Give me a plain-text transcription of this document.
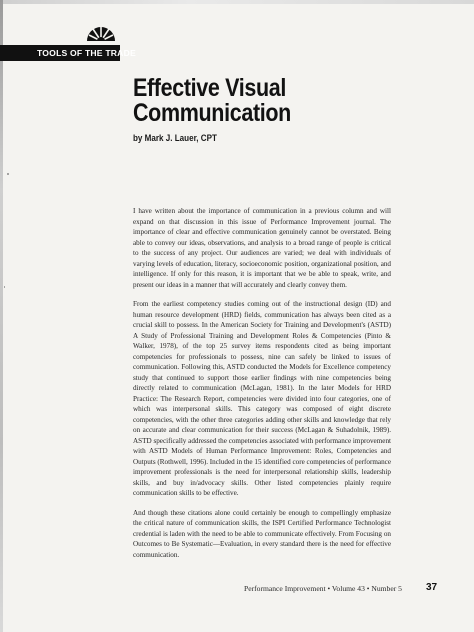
TOOLS OF THE TRADE
Effective Visual
Communication
by Mark J. Lauer, CPT

I have written about the importance of communication in a previous column and will expand on that discussion in this issue of Performance Improvement journal. The importance of clear and effective communication genuinely cannot be overstated. Being able to convey our ideas, observations, and analysis to a broad range of people is critical to the success of any project. Our audiences are varied; we deal with individuals of varying levels of education, literacy, socioeconomic position, organizational position, and intelligence. If only for this reason, it is important that we be able to speak, write, and present our ideas in a manner that will accurately and clearly convey them.

From the earliest competency studies coming out of the instructional design (ID) and human resource development (HRD) fields, communication has always been cited as a crucial skill to possess. In the American Society for Training and Development's (ASTD) A Study of Professional Training and Development Roles & Competencies (Pinto & Walker, 1978), of the top 25 survey items respondents cited as being important competencies for professionals to possess, nine can safely be linked to issues of communication. Following this, ASTD conducted the Models for Excellence competency study that continued to support those earlier findings with nine competencies being directly related to communication (McLagan, 1981). In the later Models for HRD Practice: The Research Report, competencies were divided into four categories, one of which was interpersonal skills. This category was composed of eight discrete competencies, with the other three categories adding other skills and knowledge that rely on accurate and clear communication for their success (McLagan & Suhadolnik, 1989). ASTD specifically addressed the competencies associated with performance improvement with ASTD Models of Human Performance Improvement: Roles, Competencies and Outputs (Rothwell, 1996). Included in the 15 identified core competencies of performance improvement professionals is the need for interpersonal relationship skills, leadership skills, and buy in/advocacy skills. Other listed competencies plainly require communication skills to be effective.

And though these citations alone could certainly be enough to compellingly emphasize the critical nature of communication skills, the ISPI Certified Performance Technologist credential is laden with the need to be able to communicate effectively. From Focusing on Outcomes to Be Systematic—Evaluation, in every standard there is the need for effective communication.

Performance Improvement • Volume 43 • Number 5 37
